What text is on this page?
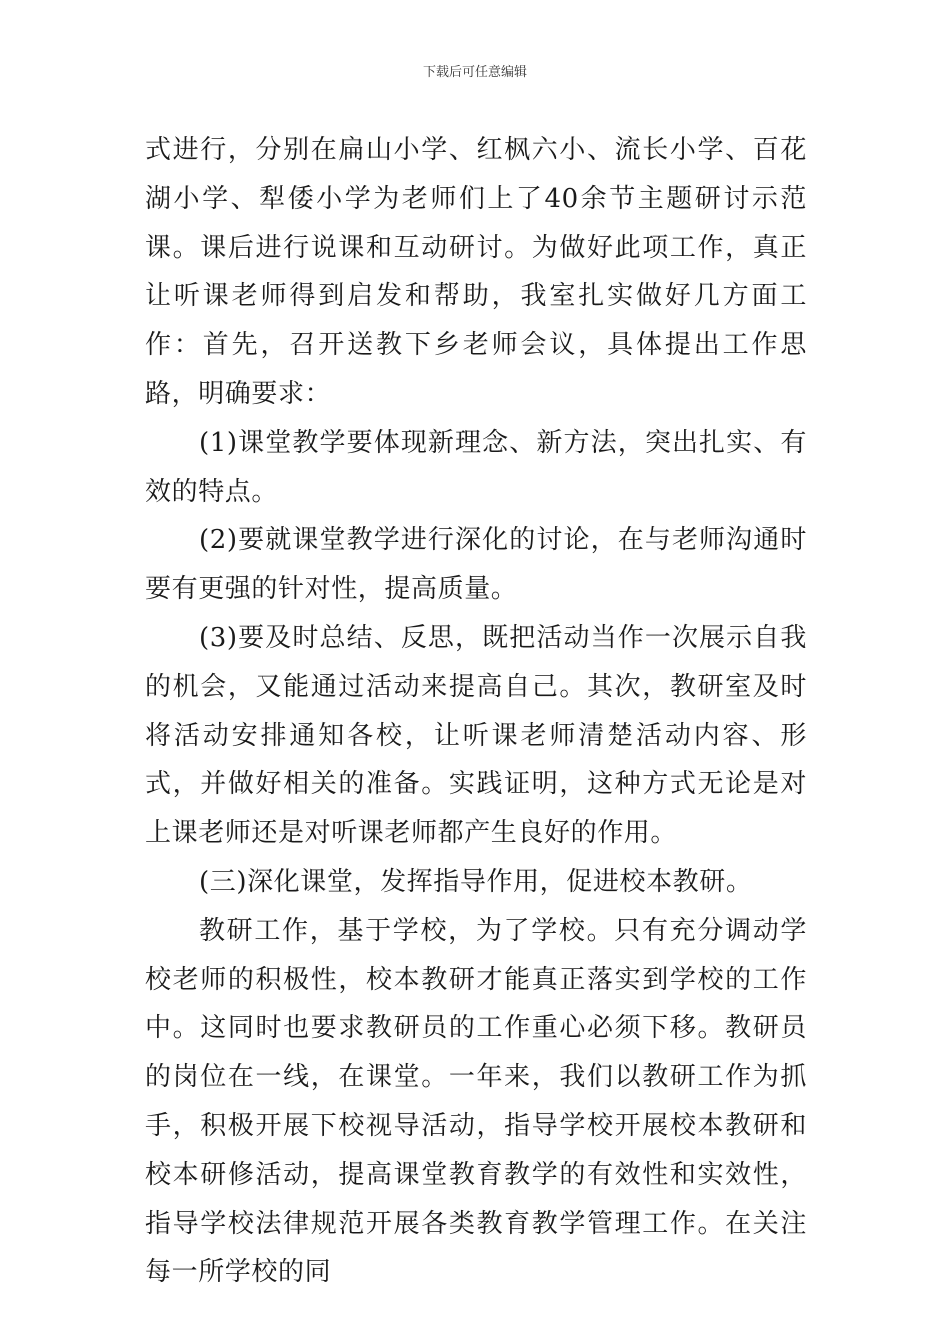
下载后可任意编辑

式进行，分别在扁山小学、红枫六小、流长小学、百花湖小学、犁倭小学为老师们上了40余节主题研讨示范课。课后进行说课和互动研讨。为做好此项工作，真正让听课老师得到启发和帮助，我室扎实做好几方面工作：首先，召开送教下乡老师会议，具体提出工作思路，明确要求：

(1)课堂教学要体现新理念、新方法，突出扎实、有效的特点。

(2)要就课堂教学进行深化的讨论，在与老师沟通时要有更强的针对性，提高质量。

(3)要及时总结、反思，既把活动当作一次展示自我的机会，又能通过活动来提高自己。其次，教研室及时将活动安排通知各校，让听课老师清楚活动内容、形式，并做好相关的准备。实践证明，这种方式无论是对上课老师还是对听课老师都产生良好的作用。

(三)深化课堂，发挥指导作用，促进校本教研。

教研工作，基于学校，为了学校。只有充分调动学校老师的积极性，校本教研才能真正落实到学校的工作中。这同时也要求教研员的工作重心必须下移。教研员的岗位在一线，在课堂。一年来，我们以教研工作为抓手，积极开展下校视导活动，指导学校开展校本教研和校本研修活动，提高课堂教育教学的有效性和实效性，指导学校法律规范开展各类教育教学管理工作。在关注每一所学校的同
